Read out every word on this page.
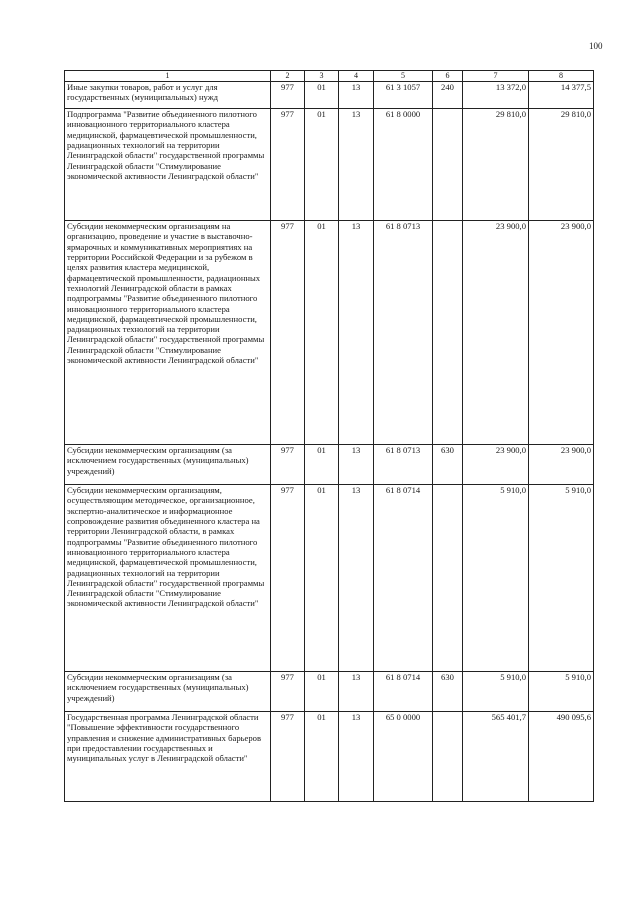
100
1	2	3	4	5	6	7	8
Иные закупки товаров, работ и услуг для государственных (муниципальных) нужд	977	01	13	61 3 1057	240	13 372,0	14 377,5
Подпрограмма "Развитие объединенного пилотного инновационного территориального кластера медицинской, фармацевтической промышленности, радиационных технологий на территории Ленинградской области" государственной программы Ленинградской области "Стимулирование экономической активности Ленинградской области"	977	01	13	61 8 0000		29 810,0	29 810,0
Субсидии некоммерческим организациям на организацию, проведение и участие в выставочно-ярмарочных и коммуникативных мероприятиях на территории Российской Федерации и за рубежом в целях развития кластера медицинской, фармацевтической промышленности, радиационных технологий Ленинградской области в рамках подпрограммы "Развитие объединенного пилотного инновационного территориального кластера медицинской, фармацевтической промышленности, радиационных технологий на территории Ленинградской области" государственной программы Ленинградской области "Стимулирование экономической активности Ленинградской области"	977	01	13	61 8 0713		23 900,0	23 900,0
Субсидии некоммерческим организациям (за исключением государственных (муниципальных) учреждений)	977	01	13	61 8 0713	630	23 900,0	23 900,0
Субсидии некоммерческим организациям, осуществляющим методическое, организационное, экспертно-аналитическое и информационное сопровождение развития объединенного кластера на территории Ленинградской области, в рамках подпрограммы "Развитие объединенного пилотного инновационного территориального кластера медицинской, фармацевтической промышленности, радиационных технологий на территории Ленинградской области" государственной программы Ленинградской области "Стимулирование экономической активности Ленинградской области"	977	01	13	61 8 0714		5 910,0	5 910,0
Субсидии некоммерческим организациям (за исключением государственных (муниципальных) учреждений)	977	01	13	61 8 0714	630	5 910,0	5 910,0
Государственная программа Ленинградской области "Повышение эффективности государственного управления и снижение административных барьеров при предоставлении государственных и муниципальных услуг в Ленинградской области"	977	01	13	65 0 0000		565 401,7	490 095,6
